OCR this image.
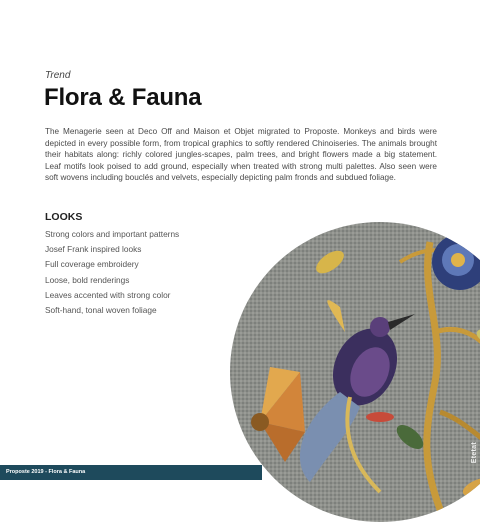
Trend
Flora & Fauna

The Menagerie seen at Deco Off and Maison et Objet migrated to Proposte. Monkeys and birds were depicted in every possible form, from tropical graphics to softly rendered Chinoiseries. The animals brought their habitats along: richly colored jungles-scapes, palm trees, and bright flowers made a big statement. Leaf motifs look poised to add ground, especially when treated with strong multi palettes. Also seen were soft wovens including bouclés and velvets, especially depicting palm fronds and subdued foliage.

LOOKS
Strong colors and important patterns
Josef Frank inspired looks
Full coverage embroidery
Loose, bold renderings
Leaves accented with strong color
Soft-hand, tonal woven foliage
Etetat
Proposte 2019 - Flora & Fauna
